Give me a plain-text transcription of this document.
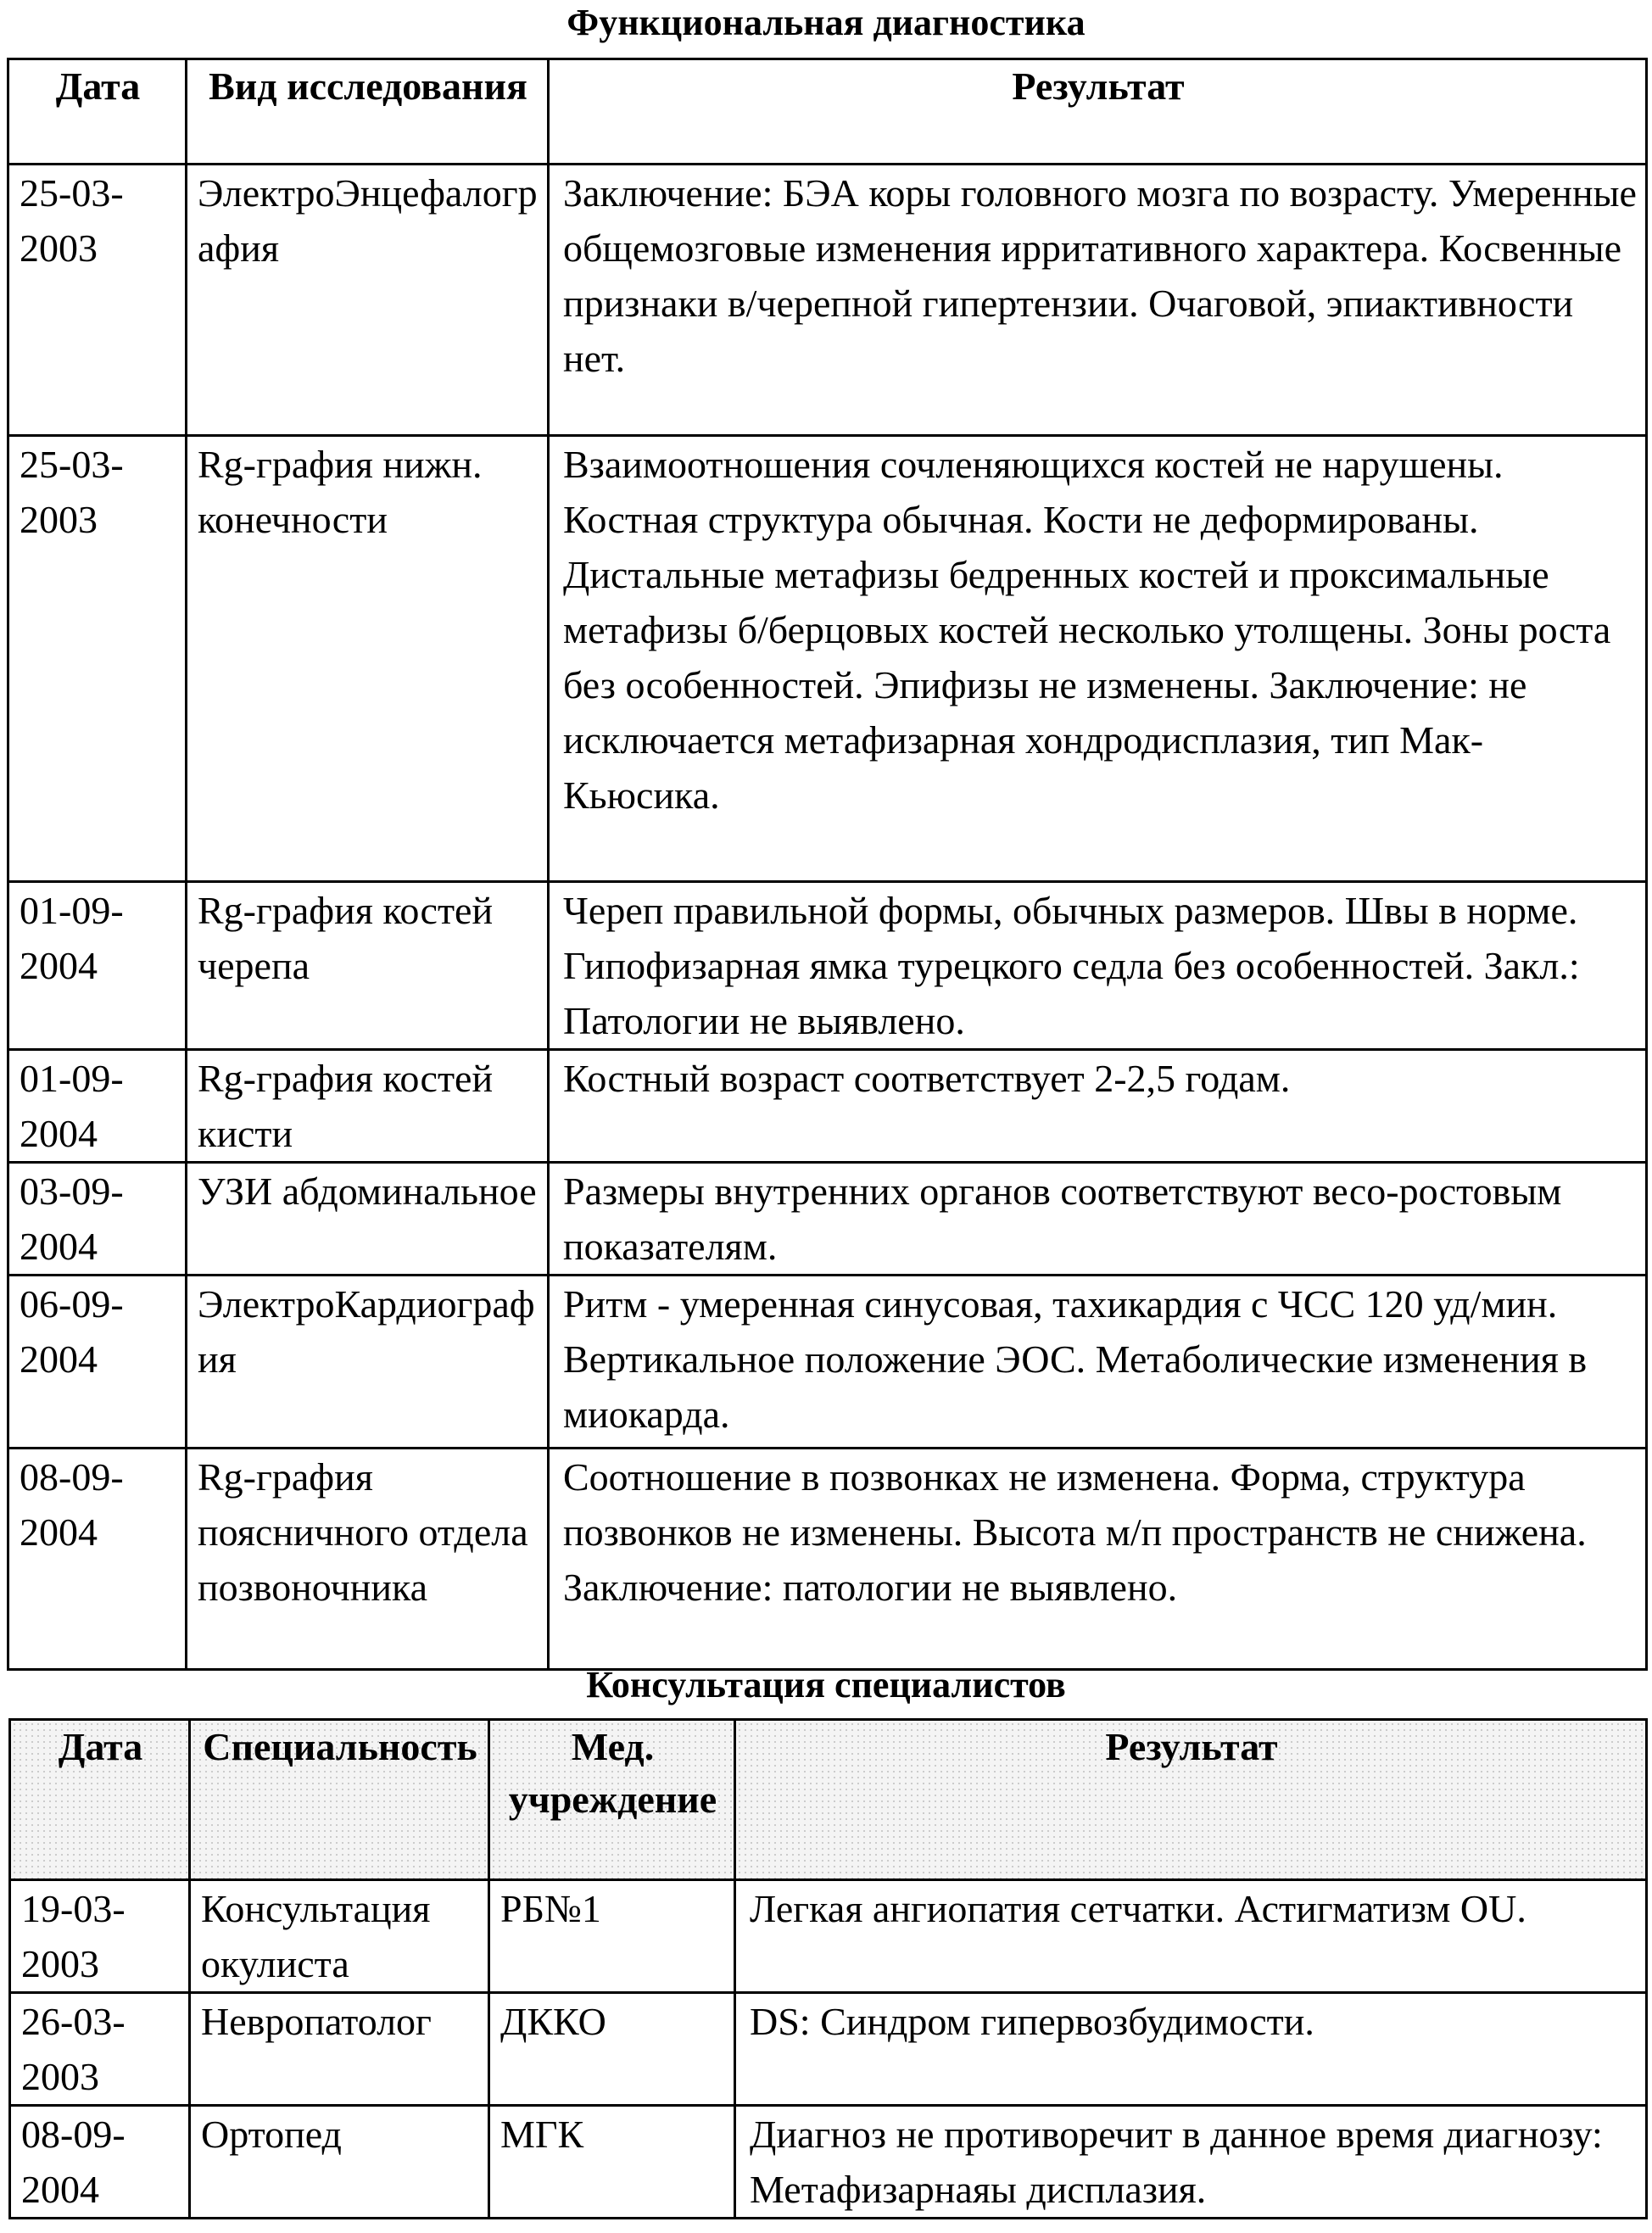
Функциональная диагностика
Дата	Вид исследования	Результат
25-03-2003	ЭлектроЭнцефалография	Заключение: БЭА коры головного мозга по возрасту. Умеренные общемозговые изменения ирритативного характера. Косвенные признаки в/черепной гипертензии. Очаговой, эпиактивности нет.
25-03-2003	Rg-графия нижн. конечности	Взаимоотношения сочленяющихся костей не нарушены. Костная структура обычная. Кости не деформированы. Дистальные метафизы бедренных костей и проксимальные метафизы б/берцовых костей несколько утолщены. Зоны роста без особенностей. Эпифизы не изменены. Заключение: не исключается метафизарная хондродисплазия, тип Мак-Кьюсика.
01-09-2004	Rg-графия костей черепа	Череп правильной формы, обычных размеров. Швы в норме. Гипофизарная ямка турецкого седла без особенностей. Закл.: Патологии не выявлено.
01-09-2004	Rg-графия костей кисти	Костный возраст соответствует 2-2,5 годам.
03-09-2004	УЗИ абдоминальное	Размеры внутренних органов соответствуют весо-ростовым показателям.
06-09-2004	ЭлектроКардиография	Ритм - умеренная синусовая, тахикардия с ЧСС 120 уд/мин. Вертикальное положение ЭОС. Метаболические изменения в миокарда.
08-09-2004	Rg-графия поясничного отдела позвоночника	Соотношение в позвонках не изменена. Форма, структура позвонков не изменены. Высота м/п пространств не снижена. Заключение: патологии не выявлено.
Консультация специалистов
Дата	Специальность	Мед. учреждение	Результат
19-03-2003	Консультация окулиста	РБ№1	Легкая ангиопатия сетчатки. Астигматизм OU.
26-03-2003	Невропатолог	ДККО	DS: Синдром гипервозбудимости.
08-09-2004	Ортопед	МГК	Диагноз не противоречит в данное время диагнозу: Метафизарнаяы дисплазия.
